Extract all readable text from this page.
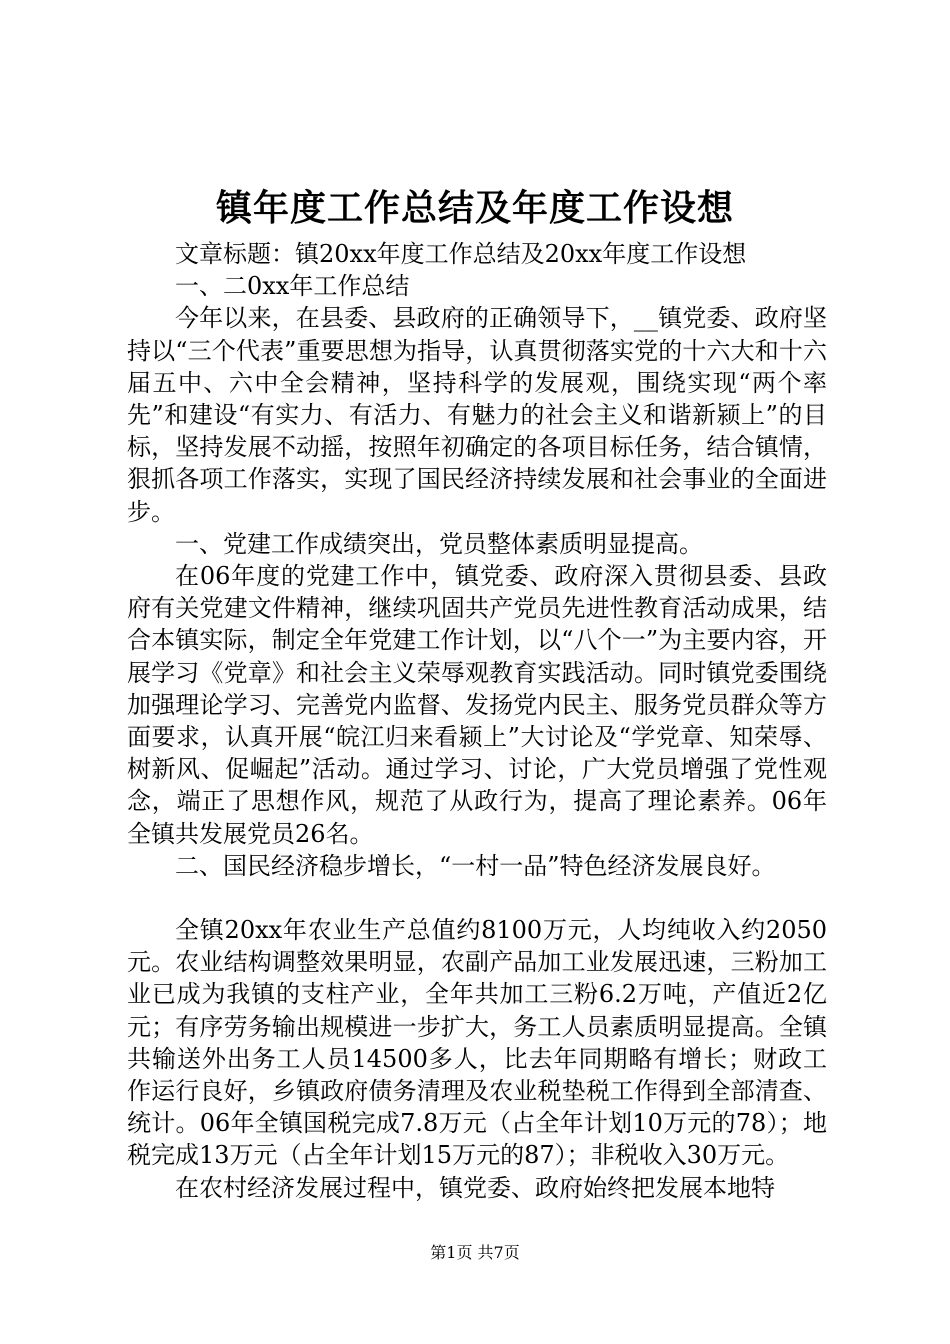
镇年度工作总结及年度工作设想

文章标题：镇20xx年度工作总结及20xx年度工作设想

一、二0xx年工作总结

今年以来，在县委、县政府的正确领导下，__镇党委、政府坚持以“三个代表”重要思想为指导，认真贯彻落实党的十六大和十六届五中、六中全会精神，坚持科学的发展观，围绕实现“两个率先”和建设“有实力、有活力、有魅力的社会主义和谐新颍上”的目标，坚持发展不动摇，按照年初确定的各项目标任务，结合镇情，狠抓各项工作落实，实现了国民经济持续发展和社会事业的全面进步。

一、党建工作成绩突出，党员整体素质明显提高。

在06年度的党建工作中，镇党委、政府深入贯彻县委、县政府有关党建文件精神，继续巩固共产党员先进性教育活动成果，结合本镇实际，制定全年党建工作计划，以“八个一”为主要内容，开展学习《党章》和社会主义荣辱观教育实践活动。同时镇党委围绕加强理论学习、完善党内监督、发扬党内民主、服务党员群众等方面要求，认真开展“皖江归来看颍上”大讨论及“学党章、知荣辱、树新风、促崛起”活动。通过学习、讨论，广大党员增强了党性观念，端正了思想作风，规范了从政行为，提高了理论素养。06年全镇共发展党员26名。

二、国民经济稳步增长，“一村一品”特色经济发展良好。

全镇20xx年农业生产总值约8100万元，人均纯收入约2050元。农业结构调整效果明显，农副产品加工业发展迅速，三粉加工业已成为我镇的支柱产业，全年共加工三粉6.2万吨，产值近2亿元；有序劳务输出规模进一步扩大，务工人员素质明显提高。全镇共输送外出务工人员14500多人，比去年同期略有增长；财政工作运行良好，乡镇政府债务清理及农业税垫税工作得到全部清查、统计。06年全镇国税完成7.8万元（占全年计划10万元的78）；地税完成13万元（占全年计划15万元的87）；非税收入30万元。

在农村经济发展过程中，镇党委、政府始终把发展本地特

第1页 共7页
